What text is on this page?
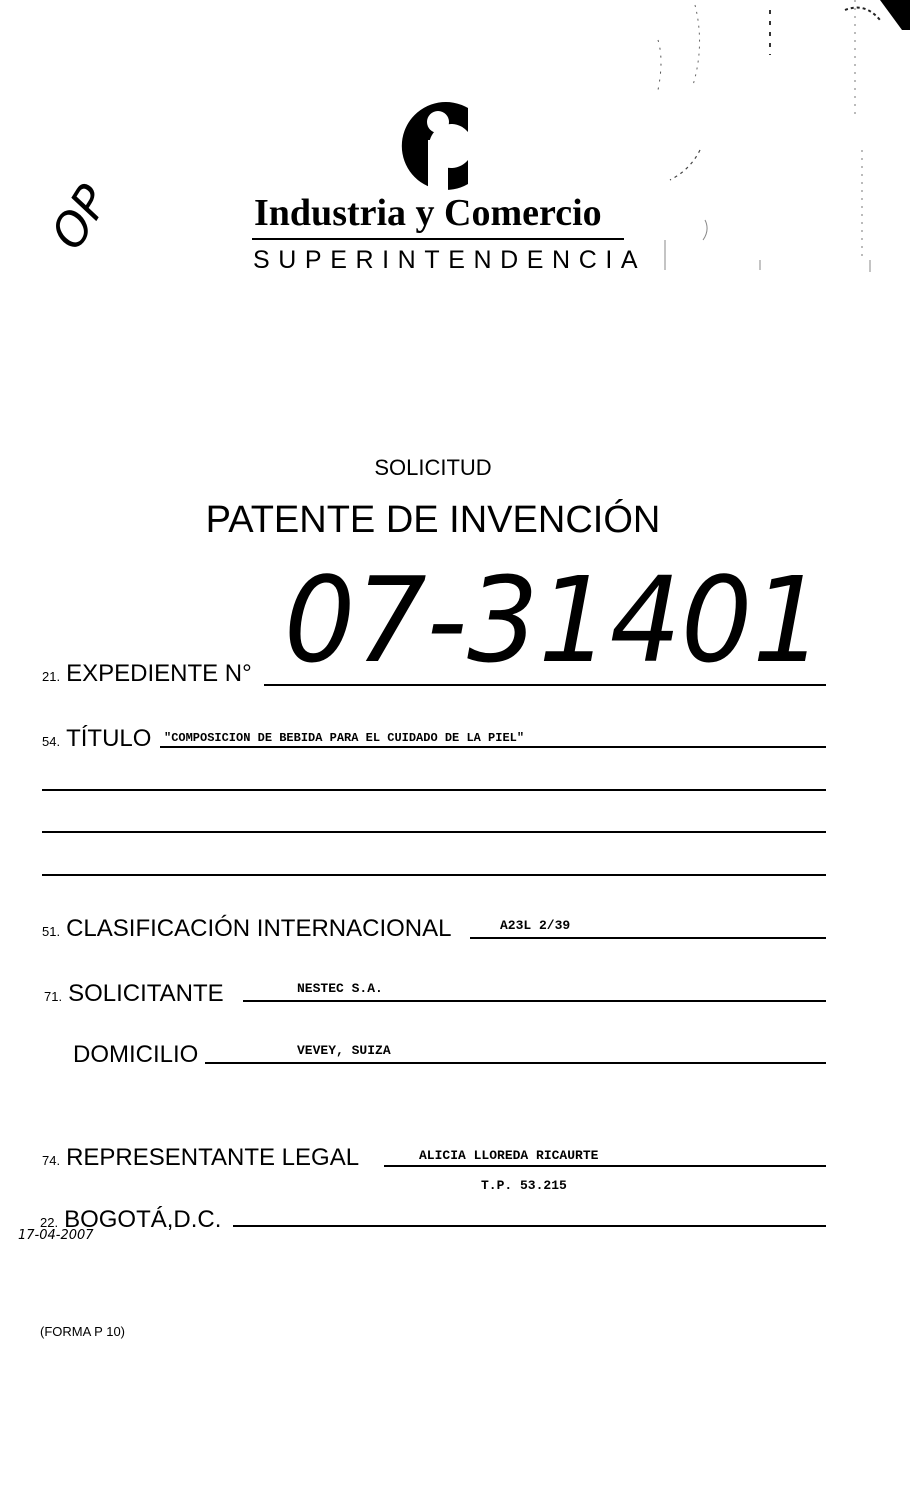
Industria y Comercio
SUPERINTENDENCIA
OP
SOLICITUD
PATENTE DE INVENCIÓN
21. EXPEDIENTE N° 07-31401
54. TÍTULO "COMPOSICION DE BEBIDA PARA EL CUIDADO DE LA PIEL"
51. CLASIFICACIÓN INTERNACIONAL	A23L 2/39
71. SOLICITANTE	NESTEC S.A.
DOMICILIO	VEVEY, SUIZA
74. REPRESENTANTE LEGAL	ALICIA LLOREDA RICAURTE
T.P. 53.215
22. BOGOTÁ,D.C.
17-04-2007
(FORMA P 10)
